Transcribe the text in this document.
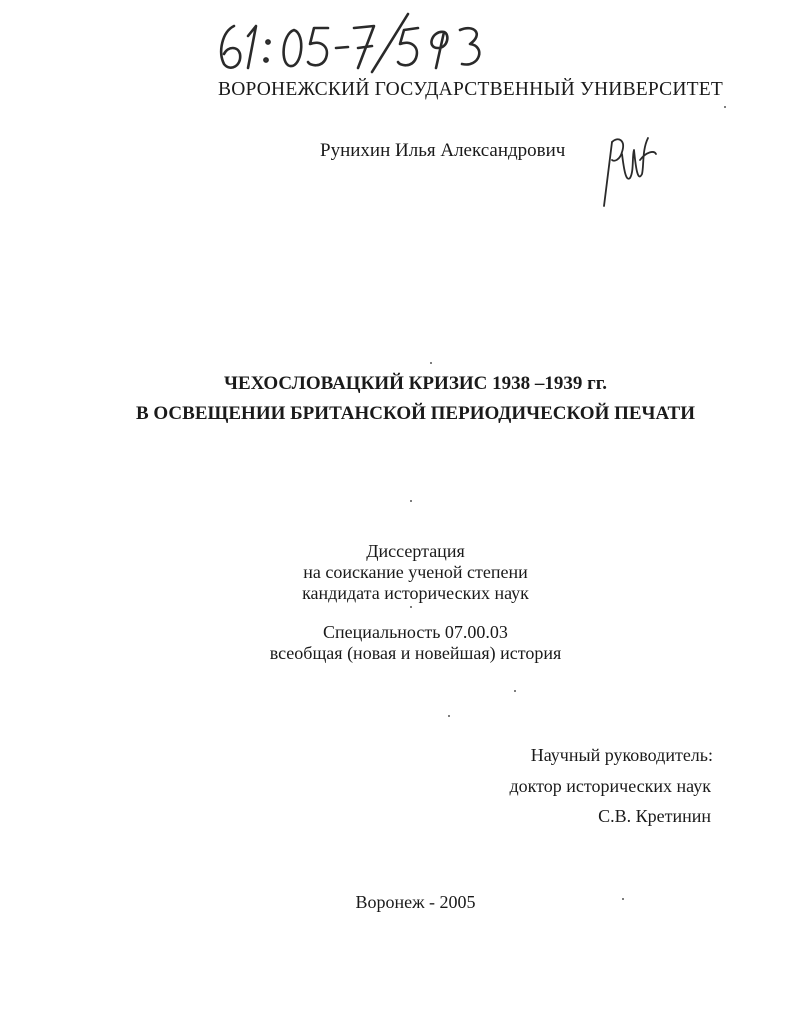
ВОРОНЕЖСКИЙ ГОСУДАРСТВЕННЫЙ УНИВЕРСИТЕТ
Рунихин Илья Александрович
ЧЕХОСЛОВАЦКИЙ КРИЗИС 1938 –1939 гг.
В ОСВЕЩЕНИИ БРИТАНСКОЙ ПЕРИОДИЧЕСКОЙ ПЕЧАТИ
Диссертация
на соискание ученой степени
кандидата исторических наук
Специальность 07.00.03
всеобщая (новая и новейшая) история
Научный руководитель:
доктор исторических наук
С.В. Кретинин
Воронеж - 2005
